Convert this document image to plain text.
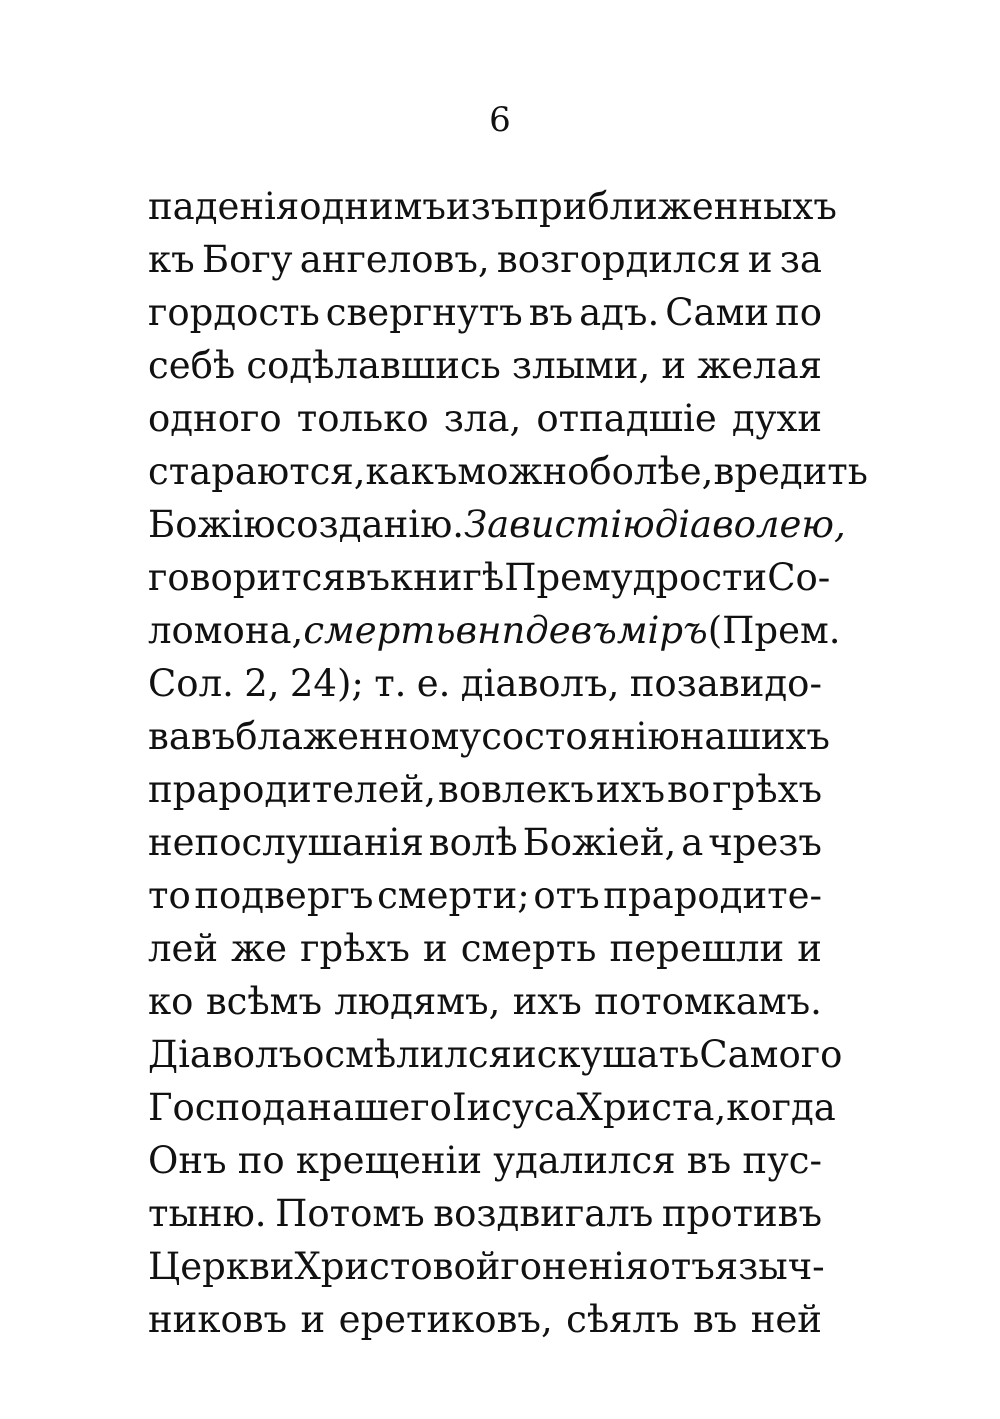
6
паденія однимъ изъ приближенныхъ
къ Богу ангеловъ, возгордился и за
гордость свергнутъ въ адъ. Сами по
себѣ содѣлавшись злыми, и желая
одного только зла, отпадшіе духи
стараются, какъ можно болѣе, вредить
Божію созданію. Завистію діаволею,
говорится въ книгѣ Премудрости Со-
ломона, смерть внпде въ міръ (Прем.
Сол. 2, 24); т. е. діаволъ, позавидо-
вавъ блаженному состоянію нашихъ
прародителей, вовлекъ ихъ во грѣхъ
непослушанія волѣ Божіей, а чрезъ
то подвергъ смерти; отъ прародите-
лей же грѣхъ и смерть перешли и
ко всѣмъ людямъ, ихъ потомкамъ.
Діаволъ осмѣлился искушать Самого
Господа нашего Іисуса Христа, когда
Онъ по крещеніи удалился въ пус-
тыню. Потомъ воздвигалъ противъ
Церкви Христовой гоненія отъ языч-
никовъ и еретиковъ, сѣялъ въ ней
